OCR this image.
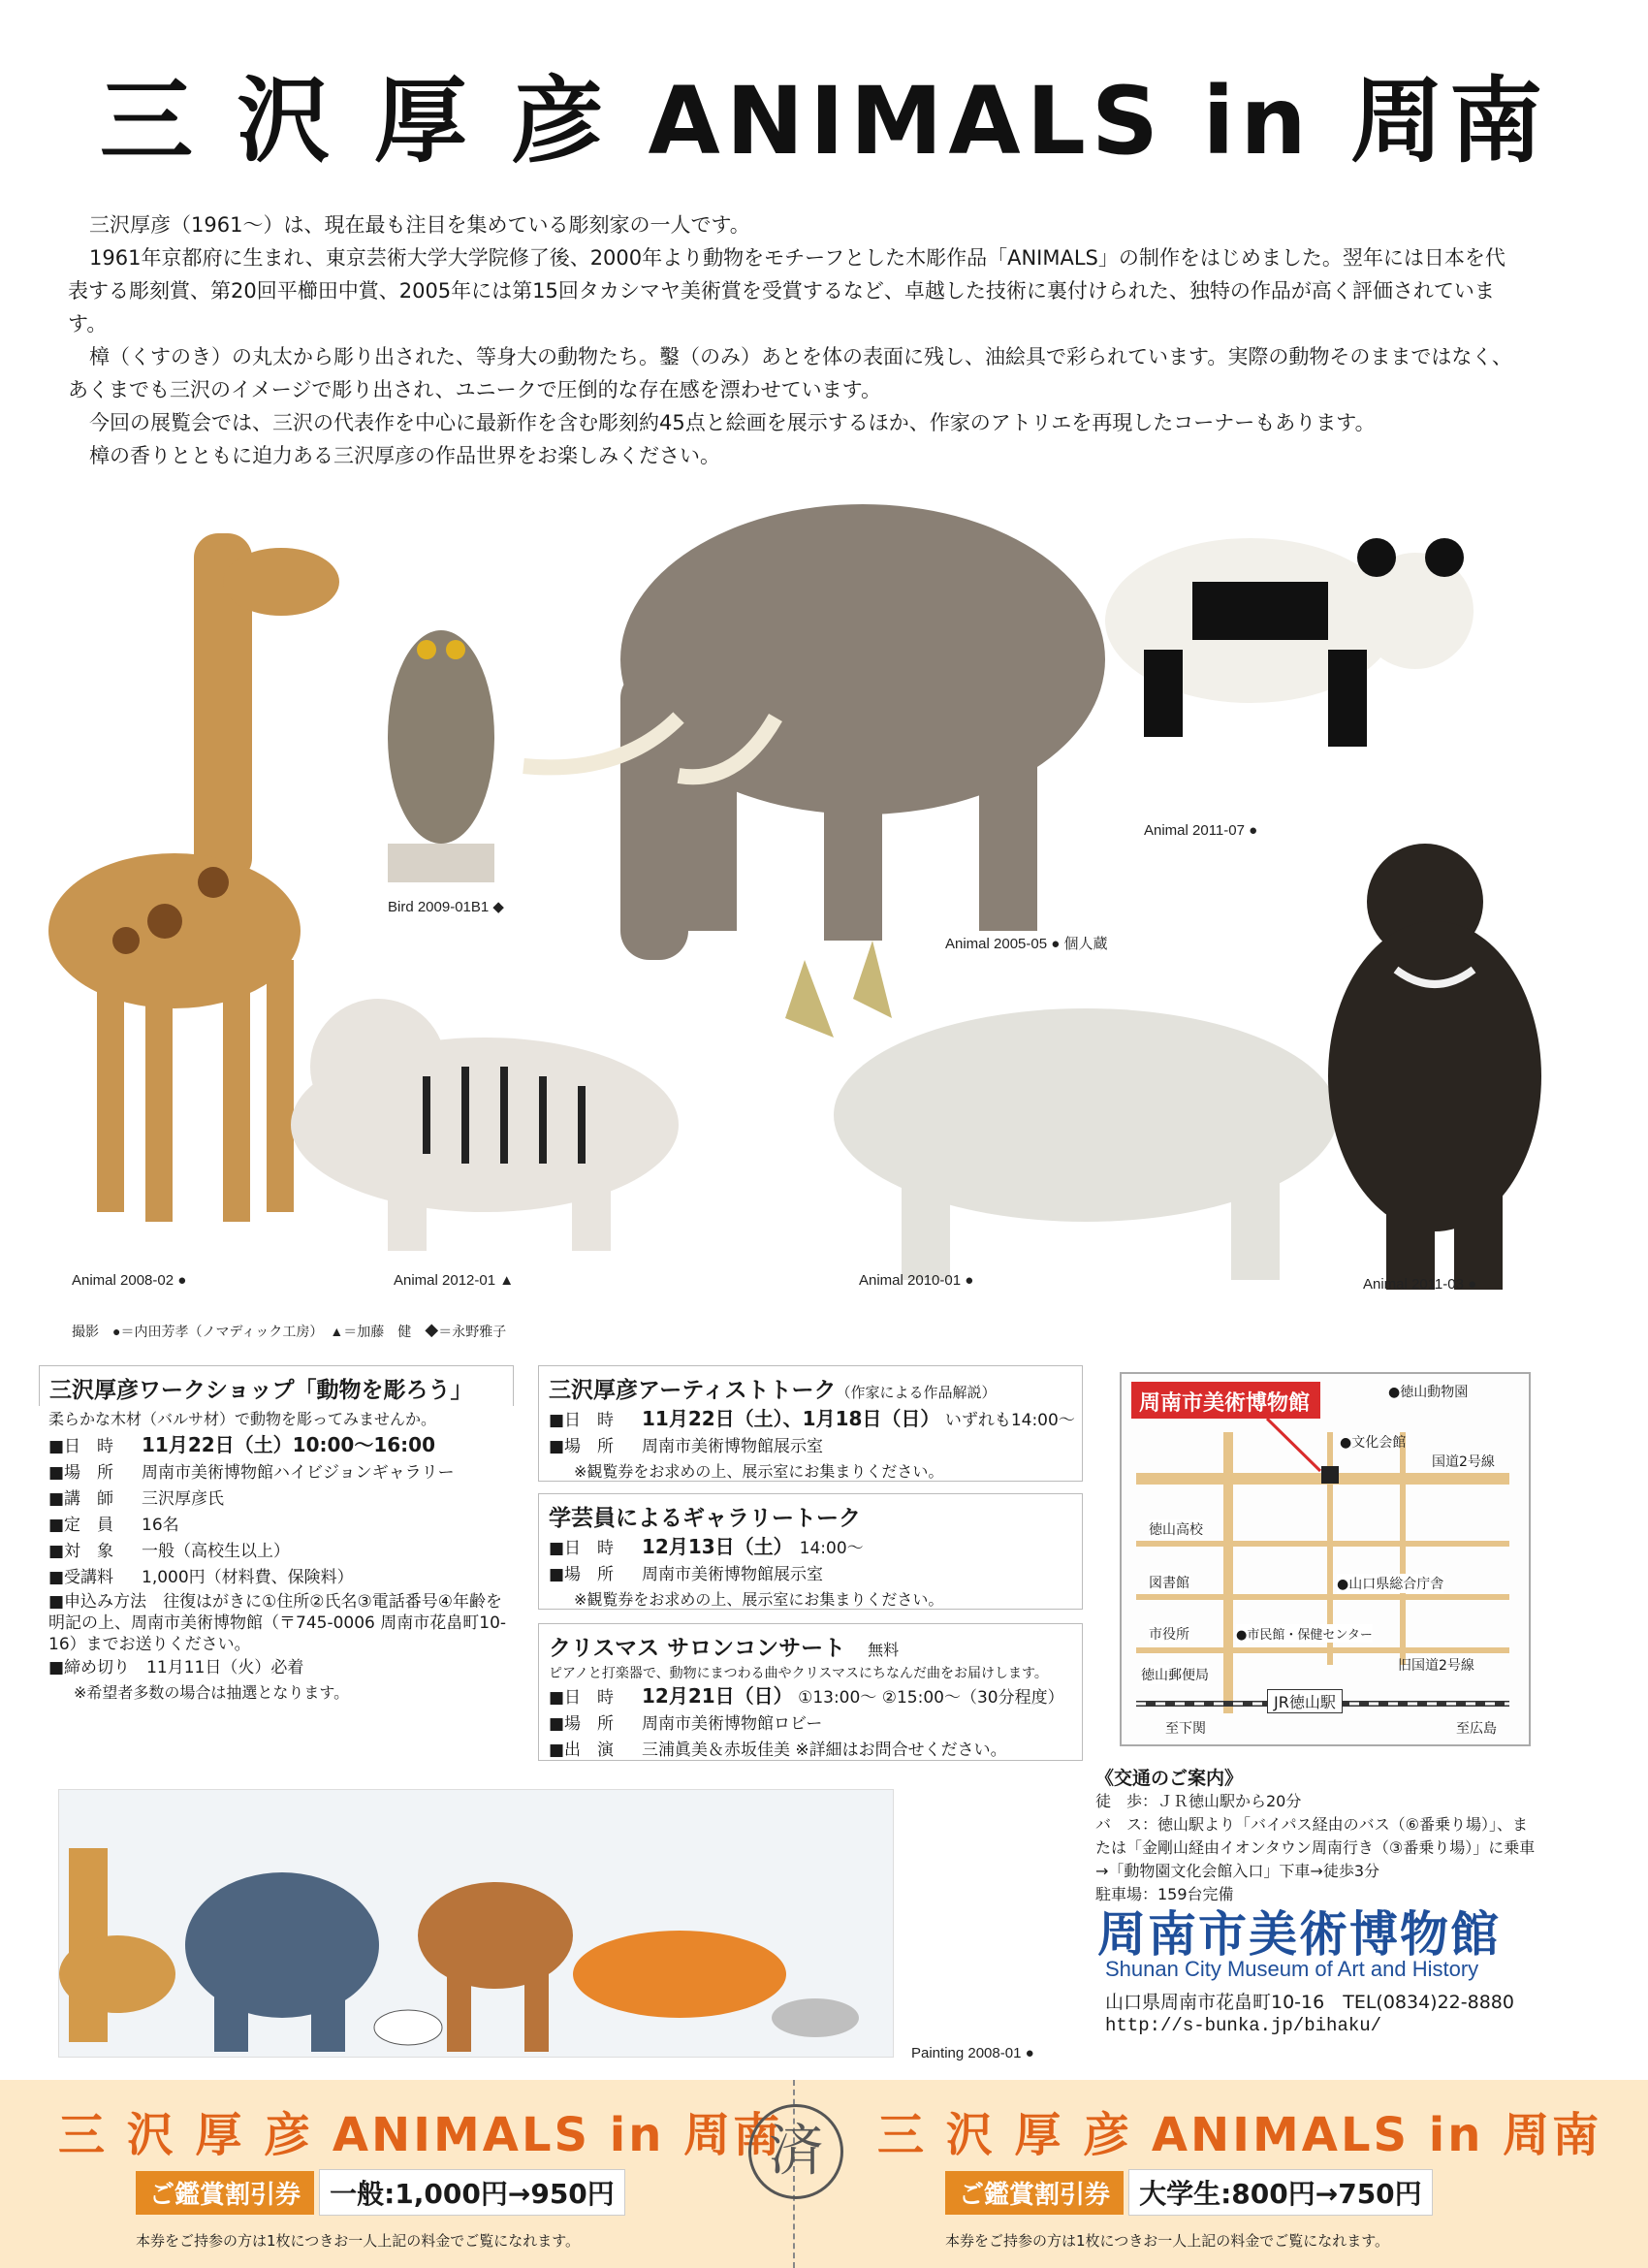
三 沢 厚 彦 ANIMALS in 周南

三沢厚彦（1961〜）は、現在最も注目を集めている彫刻家の一人です。

1961年京都府に生まれ、東京芸術大学大学院修了後、2000年より動物をモチーフとした木彫作品「ANIMALS」の制作をはじめました。翌年には日本を代表する彫刻賞、第20回平櫛田中賞、2005年には第15回タカシマヤ美術賞を受賞するなど、卓越した技術に裏付けられた、独特の作品が高く評価されています。

樟（くすのき）の丸太から彫り出された、等身大の動物たち。鑿（のみ）あとを体の表面に残し、油絵具で彩られています。実際の動物そのままではなく、あくまでも三沢のイメージで彫り出され、ユニークで圧倒的な存在感を漂わせています。

今回の展覧会では、三沢の代表作を中心に最新作を含む彫刻約45点と絵画を展示するほか、作家のアトリエを再現したコーナーもあります。

樟の香りとともに迫力ある三沢厚彦の作品世界をお楽しみください。

Bird 2009-01B1 ◆
Animal 2005-05 ● 個人蔵
Animal 2011-07 ●
Animal 2008-02 ●	Animal 2012-01 ▲	Animal 2010-01 ●	Animal 2011-03 ●
撮影　●＝内田芳孝（ノマディック工房）　▲＝加藤　健　◆＝永野雅子
三沢厚彦ワークショップ「動物を彫ろう」
柔らかな木材（バルサ材）で動物を彫ってみませんか。
■日　時 11月22日（土）10:00〜16:00
■場　所 周南市美術博物館ハイビジョンギャラリー
■講　師 三沢厚彦氏
■定　員 16名
■対　象 一般（高校生以上）
■受講料 1,000円（材料費、保険料）
■申込み方法　 往復はがきに①住所②氏名③電話番号④年齢を明記の上、周南市美術博物館（〒745-0006 周南市花畠町10-16）までお送りください。
■締め切り　 11月11日（火）必着
※希望者多数の場合は抽選となります。
三沢厚彦アーティストトーク（作家による作品解説）
■日　時 11月22日（土）、1月18日（日） いずれも14:00〜
■場　所 周南市美術博物館展示室
※観覧券をお求めの上、展示室にお集まりください。
学芸員によるギャラリートーク
■日　時 12月13日（土）　 14:00〜
■場　所 周南市美術博物館展示室
※観覧券をお求めの上、展示室にお集まりください。
クリスマス サロンコンサート　 無料
ピアノと打楽器で、動物にまつわる曲やクリスマスにちなんだ曲をお届けします。
■日　時 12月21日（日） ①13:00〜 ②15:00〜（30分程度）
■場　所 周南市美術博物館ロビー
■出　演 三浦眞美＆赤坂佳美 ※詳細はお問合せください。
周南市美術博物館	●徳山動物園
●文化会館
国道2号線
徳山高校
図書館	●山口県総合庁舎
市役所	●市民館・保健センター
旧国道2号線
徳山郵便局
JR徳山駅
至下関	至広島
《交通のご案内》
徒　歩：ＪＲ徳山駅から20分
バ　ス：徳山駅より「バイパス経由のバス（⑥番乗り場）」、または「金剛山経由イオンタウン周南行き（③番乗り場）」に乗車→「動物園文化会館入口」下車→徒歩3分
駐車場：159台完備
Painting 2008-01 ●
周南市美術博物館
Shunan City Museum of Art and History
山口県周南市花畠町10-16　TEL(0834)22-8880
http://s-bunka.jp/bihaku/
三 沢 厚 彦 ANIMALS in 周南 三 沢 厚 彦 ANIMALS in 周南
ご鑑賞割引券 一般:1,000円→950円	ご鑑賞割引券 大学生:800円→750円
本券をご持参の方は1枚につきお一人上記の料金でご覧になれます。	本券をご持参の方は1枚につきお一人上記の料金でご覧になれます。
済
